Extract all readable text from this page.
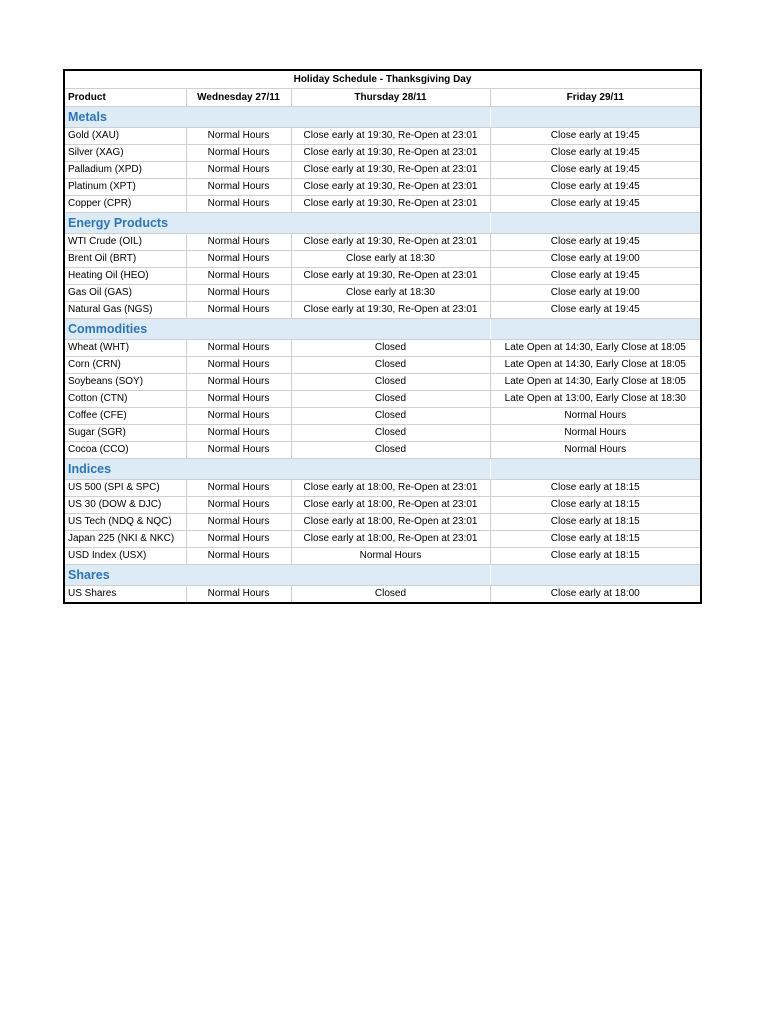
Holiday Schedule - Thanksgiving Day			
Product	Wednesday 27/11	Thursday 28/11	Friday 29/11
Metals			
Gold (XAU)	Normal Hours	Close early at 19:30, Re-Open at 23:01	Close early at 19:45
Silver (XAG)	Normal Hours	Close early at 19:30, Re-Open at 23:01	Close early at 19:45
Palladium (XPD)	Normal Hours	Close early at 19:30, Re-Open at 23:01	Close early at 19:45
Platinum (XPT)	Normal Hours	Close early at 19:30, Re-Open at 23:01	Close early at 19:45
Copper (CPR)	Normal Hours	Close early at 19:30, Re-Open at 23:01	Close early at 19:45
Energy Products			
WTI Crude (OIL)	Normal Hours	Close early at 19:30, Re-Open at 23:01	Close early at 19:45
Brent Oil (BRT)	Normal Hours	Close early at 18:30	Close early at 19:00
Heating Oil (HEO)	Normal Hours	Close early at 19:30, Re-Open at 23:01	Close early at 19:45
Gas Oil (GAS)	Normal Hours	Close early at 18:30	Close early at 19:00
Natural Gas (NGS)	Normal Hours	Close early at 19:30, Re-Open at 23:01	Close early at 19:45
Commodities			
Wheat (WHT)	Normal Hours	Closed	Late Open at 14:30, Early Close at 18:05
Corn (CRN)	Normal Hours	Closed	Late Open at 14:30, Early Close at 18:05
Soybeans (SOY)	Normal Hours	Closed	Late Open at 14:30, Early Close at 18:05
Cotton (CTN)	Normal Hours	Closed	Late Open at 13:00, Early Close at 18:30
Coffee (CFE)	Normal Hours	Closed	Normal Hours
Sugar (SGR)	Normal Hours	Closed	Normal Hours
Cocoa (CCO)	Normal Hours	Closed	Normal Hours
Indices			
US 500 (SPI & SPC)	Normal Hours	Close early at 18:00, Re-Open at 23:01	Close early at 18:15
US 30 (DOW & DJC)	Normal Hours	Close early at 18:00, Re-Open at 23:01	Close early at 18:15
US Tech (NDQ & NQC)	Normal Hours	Close early at 18:00, Re-Open at 23:01	Close early at 18:15
Japan 225 (NKI & NKC)	Normal Hours	Close early at 18:00, Re-Open at 23:01	Close early at 18:15
USD Index (USX)	Normal Hours	Normal Hours	Close early at 18:15
Shares			
US Shares	Normal Hours	Closed	Close early at 18:00
